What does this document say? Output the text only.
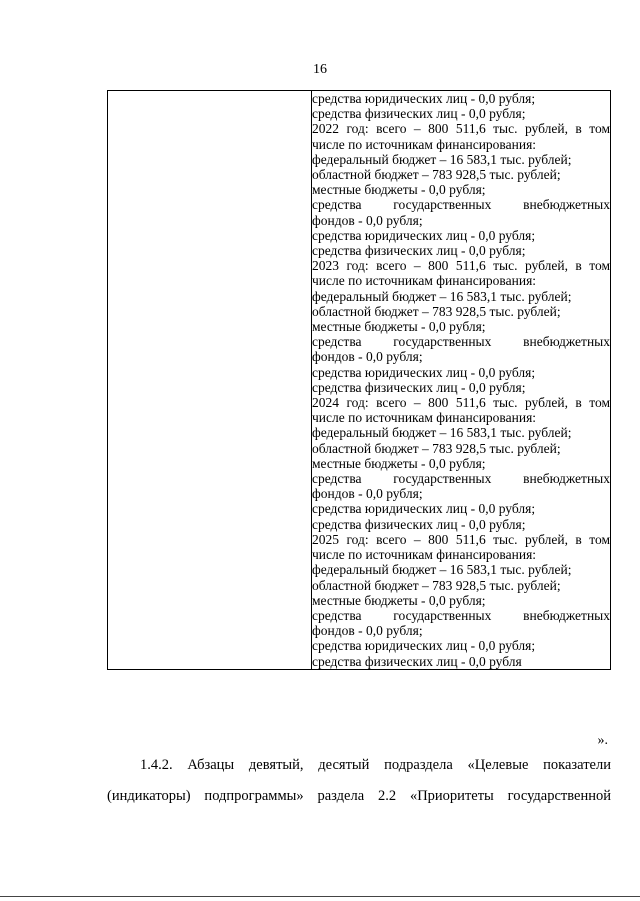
16

средства юридических лиц - 0,0 рубля;
средства физических лиц - 0,0 рубля;
2022 год: всего – 800 511,6 тыс. рублей, в том
числе по источникам финансирования:
федеральный бюджет – 16 583,1 тыс. рублей;
областной бюджет – 783 928,5 тыс. рублей;
местные бюджеты - 0,0 рубля;
средства государственных внебюджетных
фондов - 0,0 рубля;
средства юридических лиц - 0,0 рубля;
средства физических лиц - 0,0 рубля;
2023 год: всего – 800 511,6 тыс. рублей, в том
числе по источникам финансирования:
федеральный бюджет – 16 583,1 тыс. рублей;
областной бюджет – 783 928,5 тыс. рублей;
местные бюджеты - 0,0 рубля;
средства государственных внебюджетных
фондов - 0,0 рубля;
средства юридических лиц - 0,0 рубля;
средства физических лиц - 0,0 рубля;
2024 год: всего – 800 511,6 тыс. рублей, в том
числе по источникам финансирования:
федеральный бюджет – 16 583,1 тыс. рублей;
областной бюджет – 783 928,5 тыс. рублей;
местные бюджеты - 0,0 рубля;
средства государственных внебюджетных
фондов - 0,0 рубля;
средства юридических лиц - 0,0 рубля;
средства физических лиц - 0,0 рубля;
2025 год: всего – 800 511,6 тыс. рублей, в том
числе по источникам финансирования:
федеральный бюджет – 16 583,1 тыс. рублей;
областной бюджет – 783 928,5 тыс. рублей;
местные бюджеты - 0,0 рубля;
средства государственных внебюджетных
фондов - 0,0 рубля;
средства юридических лиц - 0,0 рубля;
средства физических лиц - 0,0 рубля
».
1.4.2. Абзацы девятый, десятый подраздела «Целевые показатели
(индикаторы) подпрограммы» раздела 2.2 «Приоритеты государственной
